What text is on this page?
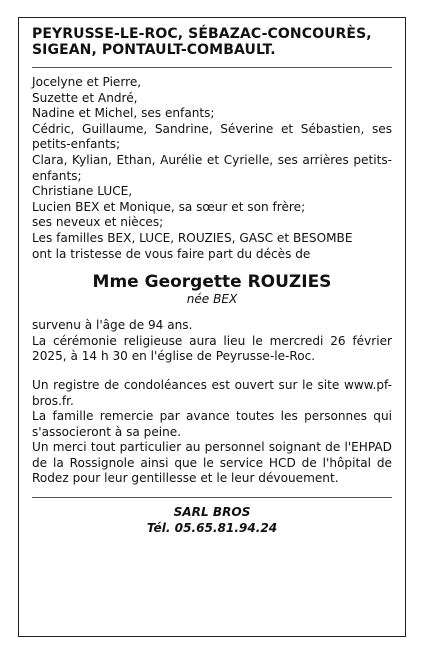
PEYRUSSE-LE-ROC, SÉBAZAC-CONCOURÈS, SIGEAN, PONTAULT-COMBAULT.

Jocelyne et Pierre,

Suzette et André,

Nadine et Michel, ses enfants;

Cédric, Guillaume, Sandrine, Séverine et Sébastien, ses petits-enfants;

Clara, Kylian, Ethan, Aurélie et Cyrielle, ses arrières petits-enfants;

Christiane LUCE,

Lucien BEX et Monique, sa sœur et son frère;

ses neveux et nièces;

Les familles BEX, LUCE, ROUZIES, GASC et BESOMBE

ont la tristesse de vous faire part du décès de

Mme Georgette ROUZIES
née BEX

survenu à l'âge de 94 ans.

La cérémonie religieuse aura lieu le mercredi 26 février 2025, à 14 h 30 en l'église de Peyrusse-le-Roc.

Un registre de condoléances est ouvert sur le site www.pf-bros.fr.

La famille remercie par avance toutes les personnes qui s'associeront à sa peine.

Un merci tout particulier au personnel soignant de l'EHPAD de la Rossignole ainsi que le service HCD de l'hôpital de Rodez pour leur gentillesse et le leur dévouement.

SARL BROS
Tél. 05.65.81.94.24
